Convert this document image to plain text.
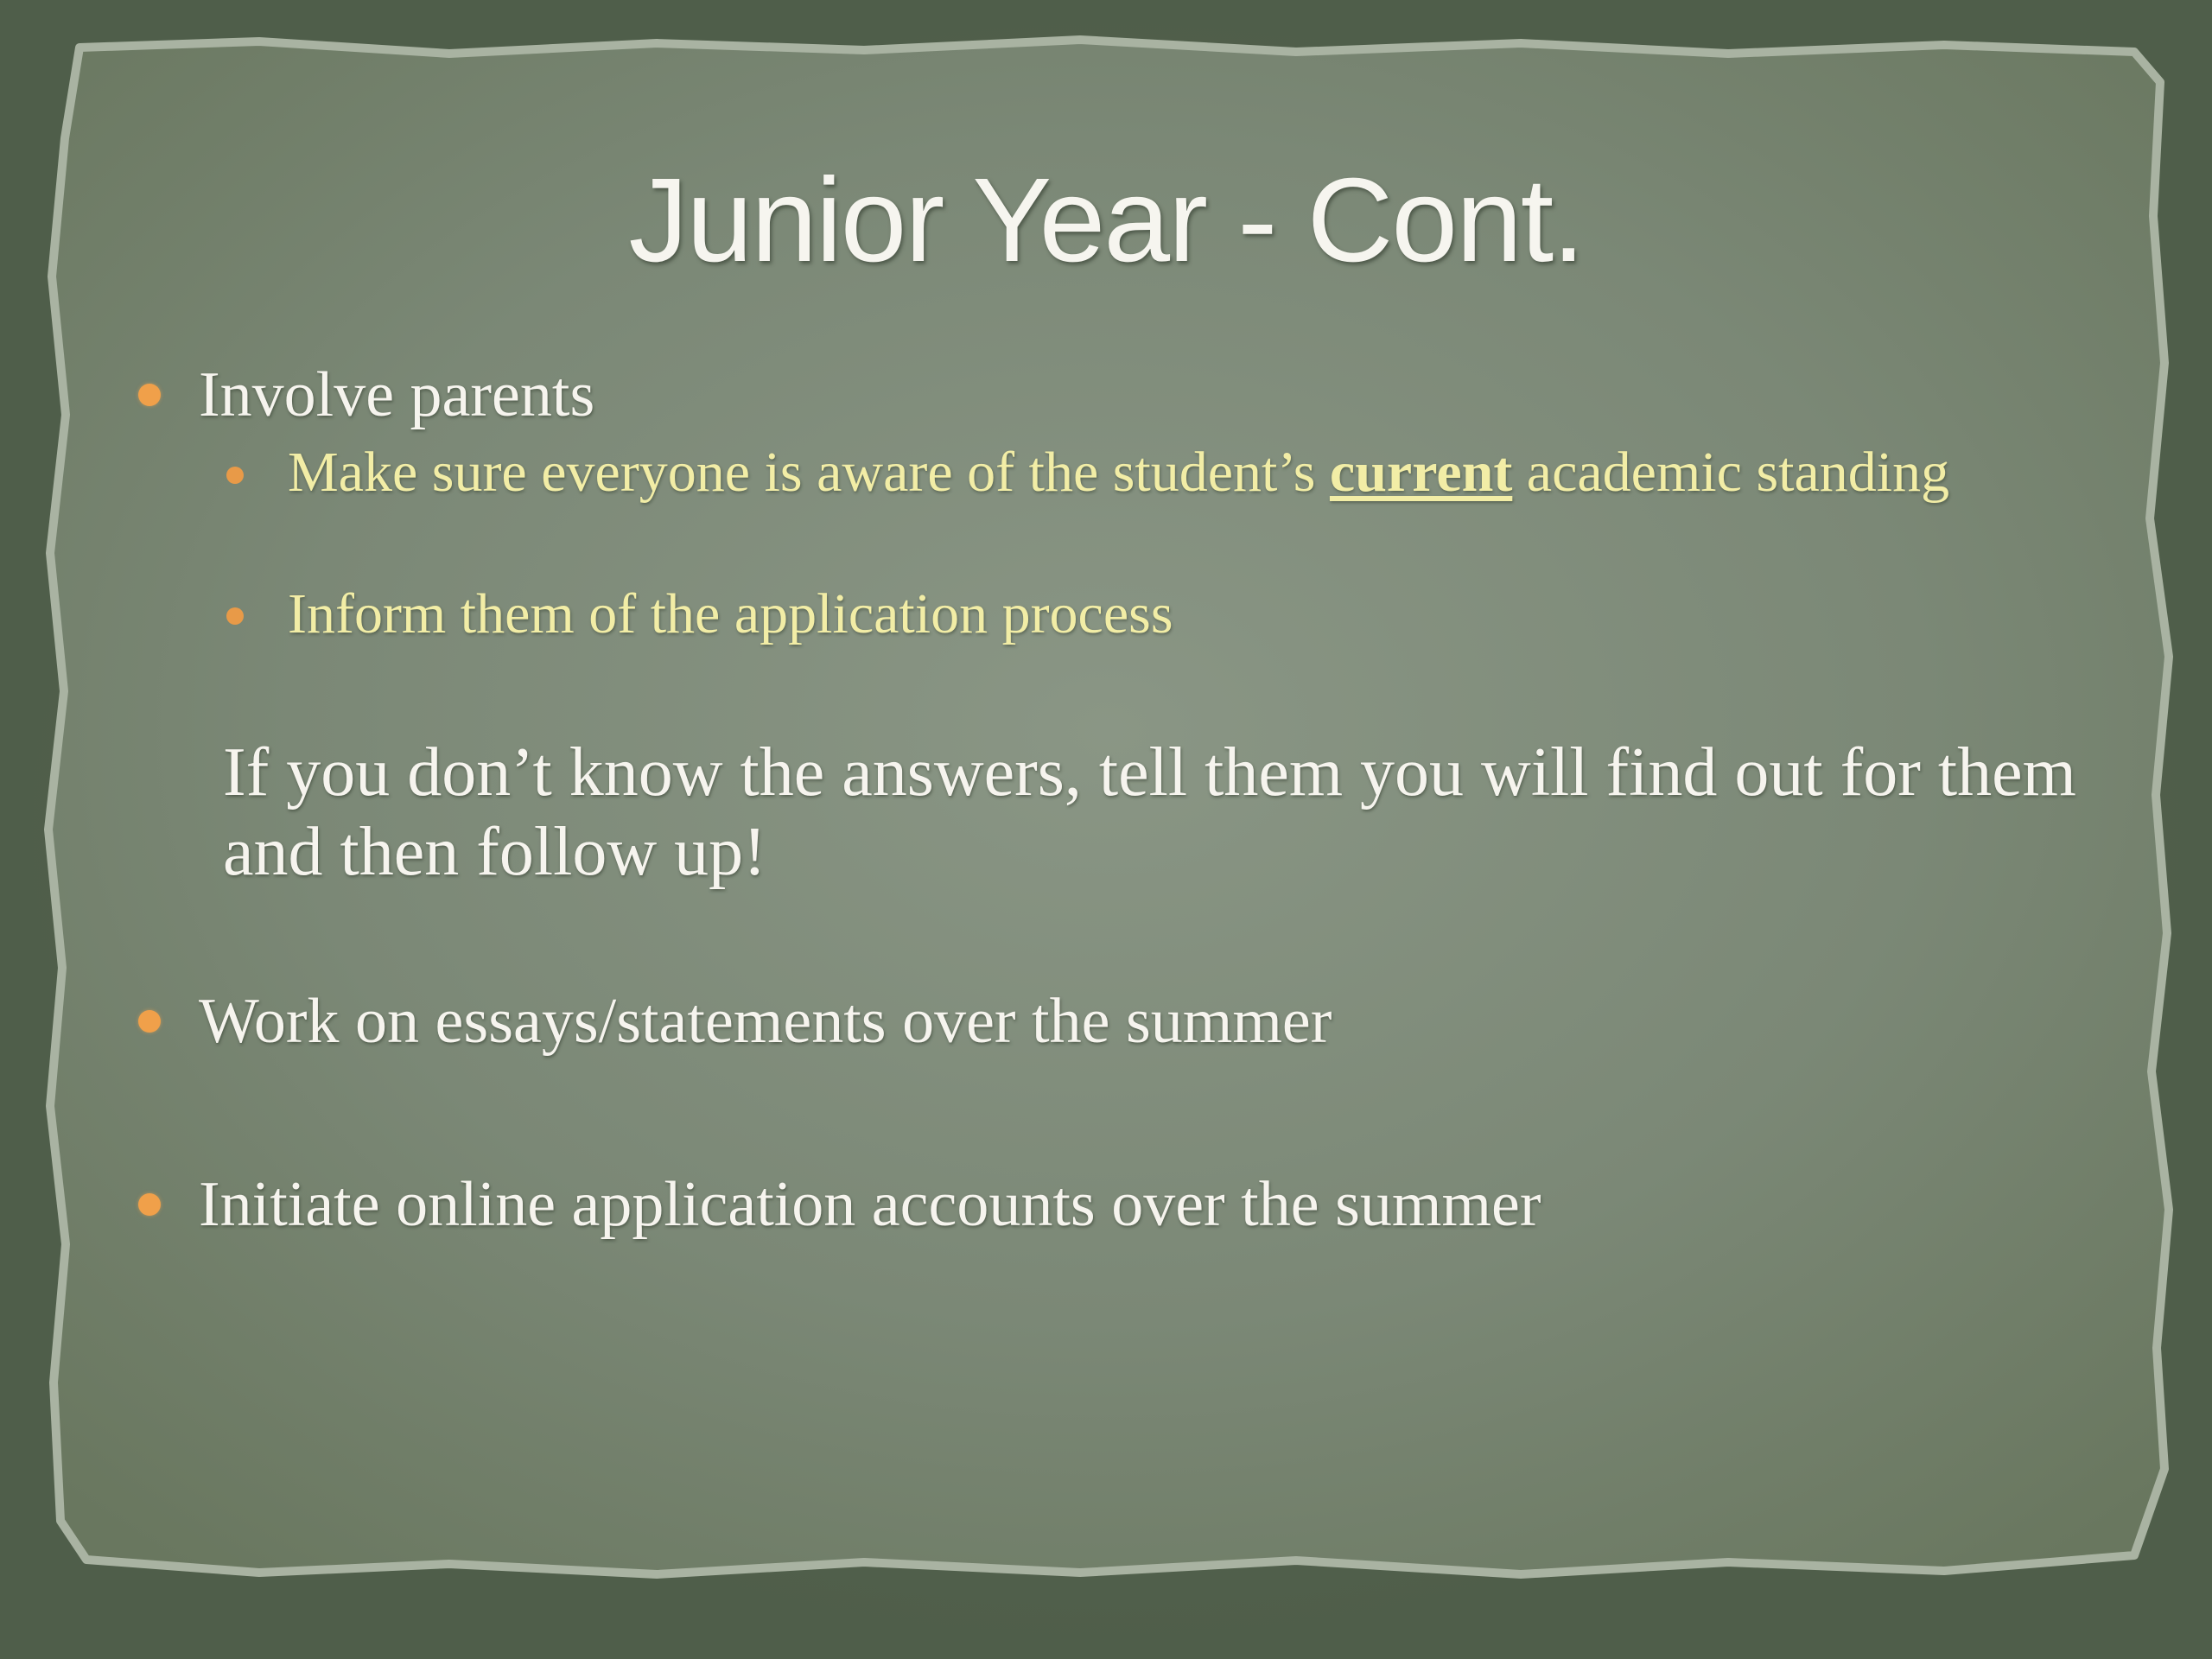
Junior Year - Cont.
Involve parents
Make sure everyone is aware of the student’s current academic standing
Inform them of the application process
If you don’t know the answers, tell them you will find out for them and then follow up!
Work on essays/statements over the summer
Initiate online application accounts over the summer
